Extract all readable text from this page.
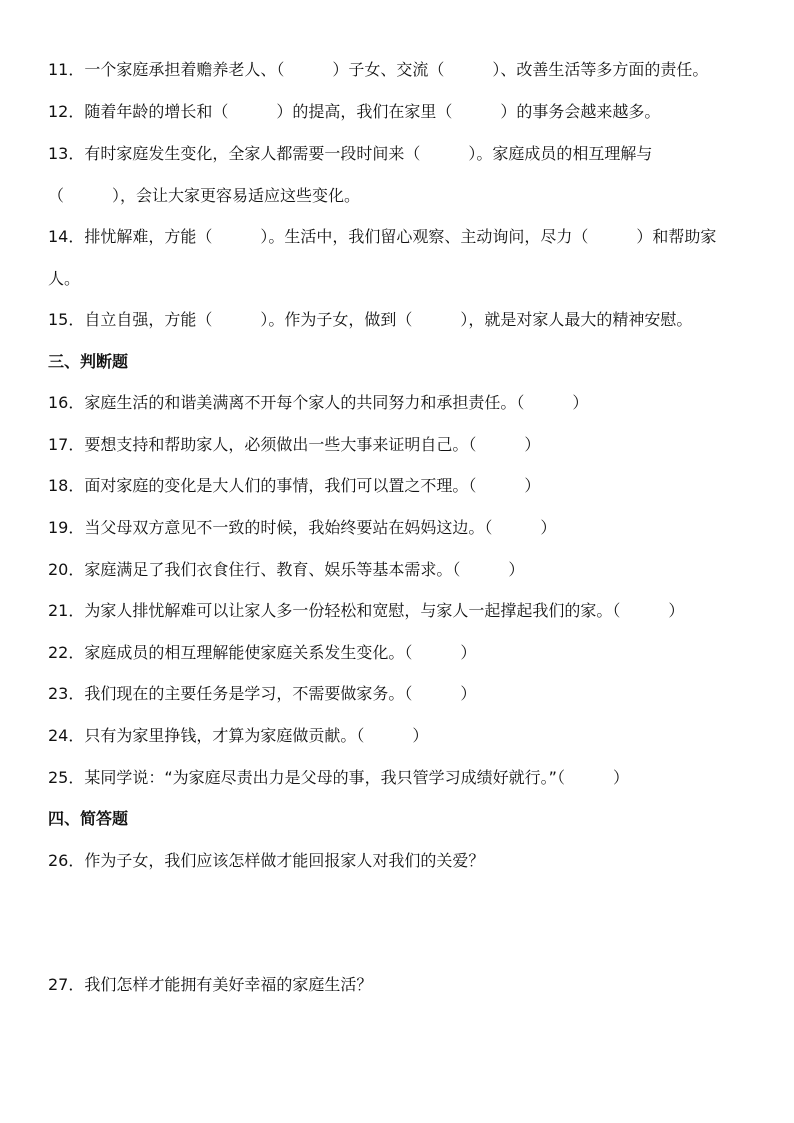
11．一个家庭承担着赡养老人、（　　　）子女、交流（　　　）、改善生活等多方面的责任。
12．随着年龄的增长和（　　　）的提高，我们在家里（　　　）的事务会越来越多。
13．有时家庭发生变化，全家人都需要一段时间来（　　　）。家庭成员的相互理解与
（　　　），会让大家更容易适应这些变化。
14．排忧解难，方能（　　　）。生活中，我们留心观察、主动询问，尽力（　　　）和帮助家
人。
15．自立自强，方能（　　　）。作为子女，做到（　　　），就是对家人最大的精神安慰。
三、判断题
16．家庭生活的和谐美满离不开每个家人的共同努力和承担责任。（　　　）
17．要想支持和帮助家人，必须做出一些大事来证明自己。（　　　）
18．面对家庭的变化是大人们的事情，我们可以置之不理。（　　　）
19．当父母双方意见不一致的时候，我始终要站在妈妈这边。（　　　）
20．家庭满足了我们衣食住行、教育、娱乐等基本需求。（　　　）
21．为家人排忧解难可以让家人多一份轻松和宽慰，与家人一起撑起我们的家。（　　　）
22．家庭成员的相互理解能使家庭关系发生变化。（　　　）
23．我们现在的主要任务是学习，不需要做家务。（　　　）
24．只有为家里挣钱，才算为家庭做贡献。（　　　）
25．某同学说：“为家庭尽责出力是父母的事，我只管学习成绩好就行。”（　　　）
四、简答题
26．作为子女，我们应该怎样做才能回报家人对我们的关爱？
27．我们怎样才能拥有美好幸福的家庭生活？
